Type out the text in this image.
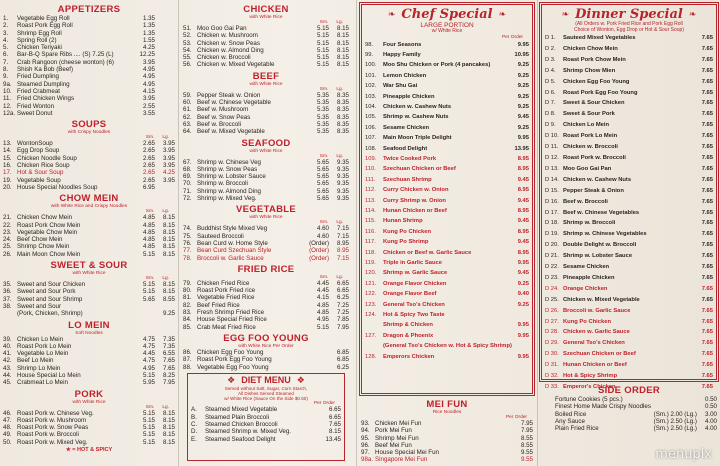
APPETIZERS
1.	Vegetable Egg Roll	1.35
2.	Roast Pork Egg Roll	1.35
3.	Shrimp Egg Roll	1.35
4.	Spring Roll (2)	1.55
5.	Chicken Teriyaki	4.25
6.	Bar-B-Q Spare Ribs .... (S) 7.25 (L)	12.25
7.	Crab Rangoon (cheese wonton) (6)	3.95
8.	Shish Ka Bob (Beef)	4.95
9.	Fried Dumpling	4.95
9a. Steamed Dumpling	4.95
10. Fried Crabmeat	4.15
11. Fried Chicken Wings	3.95
12. Fried Wonton	2.55
12a. Sweet Donut	3.55
SOUPS
with Crispy Noodles
Sm. Lg.
13. WontonSoup	2.65	3.95
14. Egg Drop Soup	2.65	3.95
15. Chicken Noodle Soup	2.65	3.95
16. Chicken Rice Soup	2.65	3.95
17. Hot & Sour Soup	2.65	4.25
19. Vegetable Soup	2.65	3.95
20. House Special Noodles Soup	6.95
CHOW MEIN
with White Rice and Crispy Noodles
Sm. Lg.
21. Chicken Chow Mein	4.85	8.15
22. Roast Pork Chow Mein	4.85	8.15
23. Vegetable Chow Mein	4.85	8.15
24. Beef Chow Mein	4.85	8.15
25. Shrimp Chow Mein	4.85	8.15
26. Main Moon Chow Mein	5.15	8.15
SWEET & SOUR
with White Rice
Sm. Lg.
35. Sweet and Sour Chicken	5.15	8.15
36. Sweet and Sour Pork	5.15	8.15
37. Sweet and Sour Shrimp	5.65	8.55
38. Sweet and Sour
(Pork, Chicken, Shrimp)	9.25
LO MEIN
Soft Noodles
39. Chicken Lo Mein	4.75	7.35
40. Roast Pork Lo Mein	4.75	7.35
41. Vegetable Lo Mein	4.45	6.55
42. Beef Lo Mein	4.75	7.65
43. Shrimp Lo Mein	4.95	7.65
44. House Special Lo Mein	5.15	8.25
45. Crabmeat Lo Mein	5.95	7.95
PORK
with White Rice
Sm. Lg.
46. Roast Pork w. Chinese Veg.	5.15	8.15
47. Roast Pork w. Mushroom	5.15	8.15
48. Roast Pork w. Snow Peas	5.15	8.15
49. Roast Pork w. Broccoli	5.15	8.15
50. Roast Pork w. Mixed Veg.	5.15	8.15
★ = HOT & SPICY
CHICKEN
with White Rice
Sm. Lg.
51. Moo Goo Gai Pan	5.15	8.15
52. Chicken w. Mushroom	5.15	8.15
53. Chicken w. Snow Peas	5.15	8.15
54. Chicken w. Almond Ding	5.15	8.15
55. Chicken w. Broccoli	5.15	8.15
56. Chicken w. Mixed Vegetable	5.15	8.15
BEEF
with White Rice
Sm. Lg.
59. Pepper Steak w. Onion	5.35	8.35
60. Beef w. Chinese Vegetable	5.35	8.35
61. Beef w. Mushroom	5.35	8.35
62. Beef w. Snow Peas	5.35	8.35
63. Beef w. Broccoli	5.35	8.35
64. Beef w. Mixed Vegetable	5.35	8.35
SEAFOOD
with White Rice
Sm. Lg.
67. Shrimp w. Chinese Veg	5.65	9.35
68. Shrimp w. Snow Peas	5.65	9.35
69. Shrimp w. Lobster Sauce	5.65	9.35
70. Shrimp w. Broccoli	5.65	9.35
71. Shrimp w. Almond Ding	5.65	9.35
72. Shrimp w. Mixed Veg.	5.65	9.35
VEGETABLE
with White Rice
Sm. Lg.
74. Buddhist Style Mixed Veg	4.60	7.15
75. Sauteed Broccoli	4.60	7.15
76. Bean Curd w. Home Style	(Order)	8.95
77. Bean Curd Szechuan Style	(Order)	8.95
78. Broccoli w. Garlic Sauce	(Order)	7.15
FRIED RICE
Sm. Lg.
79. Chicken Fried Rice	4.45	6.65
80. Roast Pork Fried rice	4.45	6.65
81. Vegetable Fried Rice	4.15	6.25
82. Beef Fried Rice	4.85	7.25
83. Fresh Shrimp Fried Rice	4.85	7.25
84. House Special Fried Rice	4.95	7.85
85. Crab Meat Fried Rice	5.15	7.95
EGG FOO YOUNG
with White Rice Per Order
86. Chicken Egg Foo Young	6.85
87. Roast Pork Egg Foo Young	6.85
88. Vegetable Egg Foo Young	6.25
❖ DIET MENU ❖
Served without Salt, Sugar, Corn Starch,
All Dishes Served Steamed
w/ White Rice (Sauce On the Side $0.50)
Per Order
A.	Steamed Mixed Vegetable	6.65
B.	Steamed Plain Broccoli	6.65
C.	Steamed Chicken Broccoli	7.65
D.	Steamed Shrimp w. Mixed Veg.	8.15
E.	Steamed Seafood Delight	13.45
❧ Chef Special ❧
LARGE PORTION
w/ White Rice
Per Order
98.	Four Seasons	9.95
99.	Happy Family	10.95
100.	Moo Shu Chicken or Pork (4 pancakes)	9.25
101.	Lemon Chicken	9.25
102.	War Shu Gai	9.25
103.	Pineapple Chicken	9.25
104.	Chicken w. Cashew Nuts	9.25
105.	Shrimp w. Cashew Nuts	9.45
106.	Sesame Chicken	9.25
107.	Main Moon Triple Delight	9.95
108.	Seafood Delight	13.95
109.	Twice Cooked Pork	8.95
110.	Szechuan Chicken or Beef	8.95
111.	Szechuan Shrimp	9.45
112.	Curry Chicken w. Onion	8.95
113.	Curry Shrimp w. Onion	9.45
114.	Hunan Chicken or Beef	8.95
115.	Hunan Shrimp	9.45
116.	Kung Po Chicken	8.95
117.	Kung Po Shrimp	9.45
118.	Chicken or Beef w. Garlic Sauce	8.95
119.	Triple in Garlic Sauce	9.95
120.	Shrimp w. Garlic Sauce	9.45
121.	Orange Flavor Chicken	9.25
122.	Orange Flavor Beef	9.40
123.	General Tso's Chicken	9.25
124.	Hot & Spicy Two Taste
Shrimp & Chicken	9.95
127.	Dragon & Phoenix	9.95
(General Tso's Chicken w. Hot & Spicy Shrimp)
128.	Emperors Chicken	9.95
MEI FUN
Rice Noodles
Per Order
93. Chicken Mei Fun	7.95
94. Pork Mei Fun	7.95
95. Shrimp Mei Fun	8.55
96. Beef Mei Fun	8.55
97. House Special Mei Fun	9.55
98a. Singapore Mei Fun	9.55
❧ Dinner Special ❧
(All Orders w. Pork Fried Rice and Pork Egg Roll
Choice of Wonton, Egg Drop or Hot & Sour Soup)
D 1.	Sauteed Mixed Vegetables	7.65
D 2.	Chicken Chow Mein	7.65
D 3.	Roast Pork Chow Mein	7.65
D 4.	Shrimp Chow Mien	7.65
D 5.	Chicken Egg Foo Young	7.65
D 6.	Roast Pork Egg Foo Young	7.65
D 7.	Sweet & Sour Chicken	7.65
D 8.	Sweet & Sour Pork	7.65
D 9.	Chicken Lo Mein	7.65
D 10. Roast Pork Lo Mein	7.65
D 11. Chicken w. Broccoli	7.65
D 12. Roast Pork w. Broccoli	7.65
D 13. Moo Goo Gai Pan	7.65
D 14. Chicken w. Cashew Nuts	7.65
D 15. Pepper Steak & Onion	7.65
D 16. Beef w. Broccoli	7.65
D 17. Beef w. Chinese Vegetables	7.65
D 18. Shrimp w. Broccoli	7.65
D 19. Shrimp w. Chinese Vegetables	7.65
D 20. Double Delight w. Broccoli	7.65
D 21. Shrimp w. Lobster Sauce	7.65
D 22. Sesame Chicken	7.65
D 23. Pineapple Chicken	7.65
D 24. Orange Chicken	7.65
D 25. Chicken w. Mixed Vegetable	7.65
D 26. Broccoli w. Garlic Sauce	7.65
D 27. Kung Po Chicken	7.65
D 28. Chicken w. Garlic Sauce	7.65
D 29. General Tso's Chicken	7.65
D 30. Szechuan Chicken or Beef	7.65
D 31. Hunan Chicken or Beef	7.65
D 32. Hot & Spicy Shrimp	7.65
D 33. Emperor's Chicken	7.65
SIDE ORDER
Fortune Cookies (5 pcs.)	0.50
Finest Home Made Crispy Noodles	0.50
Boiled Rice	(Sm.) 2.00 (Lg.)	3.00
Any Sauce	(Sm.) 2.50 (Lg.)	4.00
Plain Fried Rice	(Sm.) 2.50 (Lg.)	4.00
menupix
